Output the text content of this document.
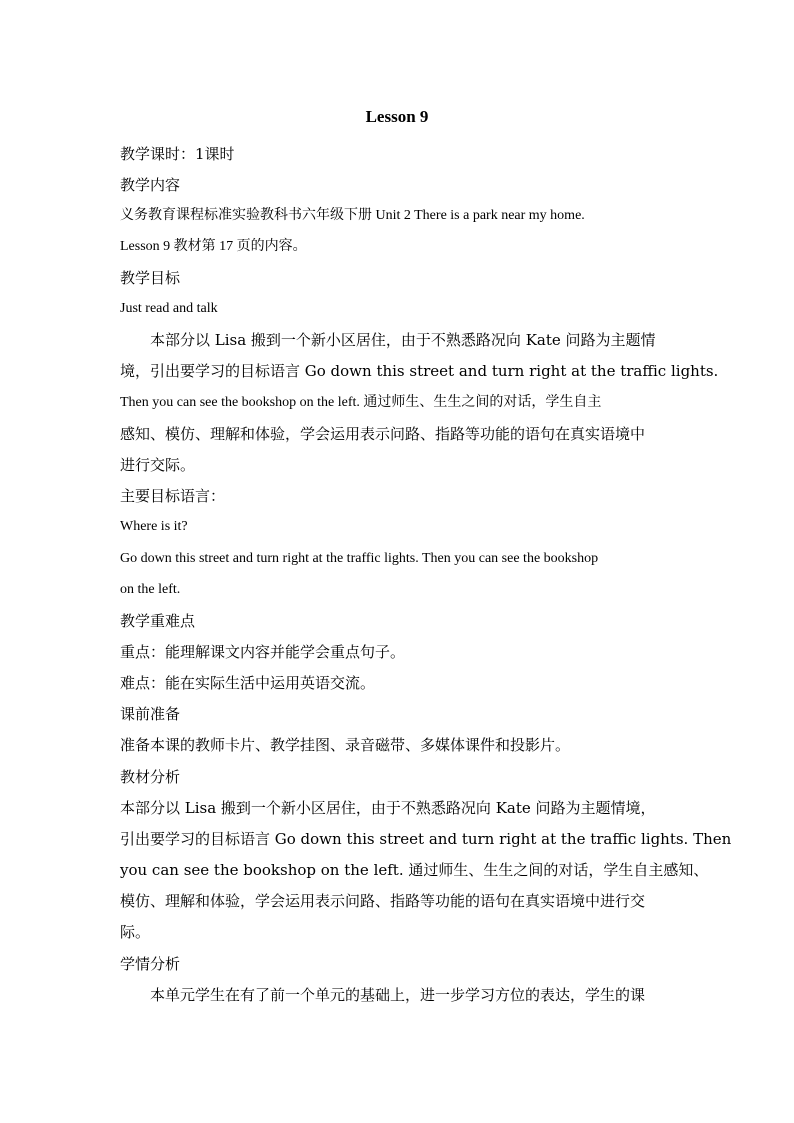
Lesson 9
教学课时：1课时
教学内容
义务教育课程标准实验教科书六年级下册 Unit 2 There is a park near my home.
Lesson 9 教材第 17 页的内容。
教学目标
Just read and talk
本部分以 Lisa 搬到一个新小区居住，由于不熟悉路况向 Kate 问路为主题情
境，引出要学习的目标语言 Go down this street and turn right at the traffic lights.
Then you can see the bookshop on the left. 通过师生、生生之间的对话，学生自主
感知、模仿、理解和体验，学会运用表示问路、指路等功能的语句在真实语境中
进行交际。
主要目标语言：
Where is it?
Go down this street and turn right at the traffic lights. Then you can see the bookshop
on the left.
教学重难点
重点：能理解课文内容并能学会重点句子。
难点：能在实际生活中运用英语交流。
课前准备
准备本课的教师卡片、教学挂图、录音磁带、多媒体课件和投影片。
教材分析
本部分以 Lisa 搬到一个新小区居住，由于不熟悉路况向 Kate 问路为主题情境，
引出要学习的目标语言 Go down this street and turn right at the traffic lights. Then
you can see the bookshop on the left. 通过师生、生生之间的对话，学生自主感知、
模仿、理解和体验，学会运用表示问路、指路等功能的语句在真实语境中进行交
际。
学情分析
本单元学生在有了前一个单元的基础上，进一步学习方位的表达，学生的课
